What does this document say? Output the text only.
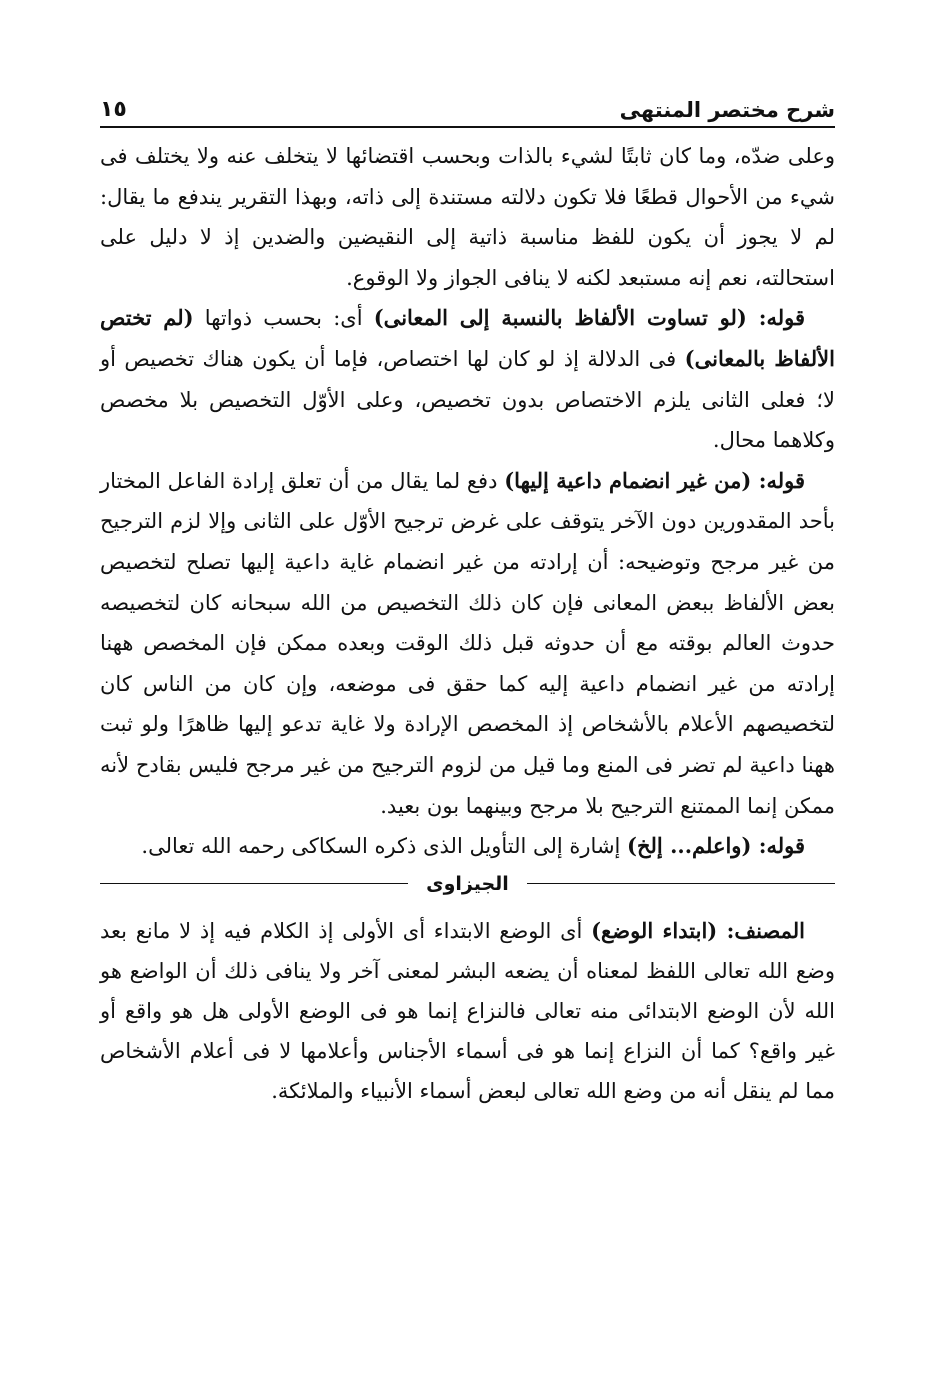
شرح مختصر المنتهى
١٥

وعلى ضدّه، وما كان ثابتًا لشيء بالذات وبحسب اقتضائها لا يتخلف عنه ولا يختلف فى شيء من الأحوال قطعًا فلا تكون دلالته مستندة إلى ذاته، وبهذا التقرير يندفع ما يقال: لم لا يجوز أن يكون للفظ مناسبة ذاتية إلى النقيضين والضدين إذ لا دليل على استحالته، نعم إنه مستبعد لكنه لا ينافى الجواز ولا الوقوع.

قوله: (لو تساوت الألفاظ بالنسبة إلى المعانى) أى: بحسب ذواتها (لم تختص الألفاظ بالمعانى) فى الدلالة إذ لو كان لها اختصاص، فإما أن يكون هناك تخصيص أو لا؛ فعلى الثانى يلزم الاختصاص بدون تخصيص، وعلى الأوّل التخصيص بلا مخصص وكلاهما محال.

قوله: (من غير انضمام داعية إليها) دفع لما يقال من أن تعلق إرادة الفاعل المختار بأحد المقدورين دون الآخر يتوقف على غرض ترجيح الأوّل على الثانى وإلا لزم الترجيح من غير مرجح وتوضيحه: أن إرادته من غير انضمام غاية داعية إليها تصلح لتخصيص بعض الألفاظ ببعض المعانى فإن كان ذلك التخصيص من الله سبحانه كان لتخصيصه حدوث العالم بوقته مع أن حدوثه قبل ذلك الوقت وبعده ممكن فإن المخصص ههنا إرادته من غير انضمام داعية إليه كما حقق فى موضعه، وإن كان من الناس كان لتخصيصهم الأعلام بالأشخاص إذ المخصص الإرادة ولا غاية تدعو إليها ظاهرًا ولو ثبت ههنا داعية لم تضر فى المنع وما قيل من لزوم الترجيح من غير مرجح فليس بقادح لأنه ممكن إنما الممتنع الترجيح بلا مرجح وبينهما بون بعيد.

قوله: (واعلم... إلخ) إشارة إلى التأويل الذى ذكره السكاكى رحمه الله تعالى.

الجيزاوى

المصنف: (ابتداء الوضع) أى الوضع الابتداء أى الأولى إذ الكلام فيه إذ لا مانع بعد وضع الله تعالى اللفظ لمعناه أن يضعه البشر لمعنى آخر ولا ينافى ذلك أن الواضع هو الله لأن الوضع الابتدائى منه تعالى فالنزاع إنما هو فى الوضع الأولى هل هو واقع أو غير واقع؟ كما أن النزاع إنما هو فى أسماء الأجناس وأعلامها لا فى أعلام الأشخاص مما لم ينقل أنه من وضع الله تعالى لبعض أسماء الأنبياء والملائكة.
